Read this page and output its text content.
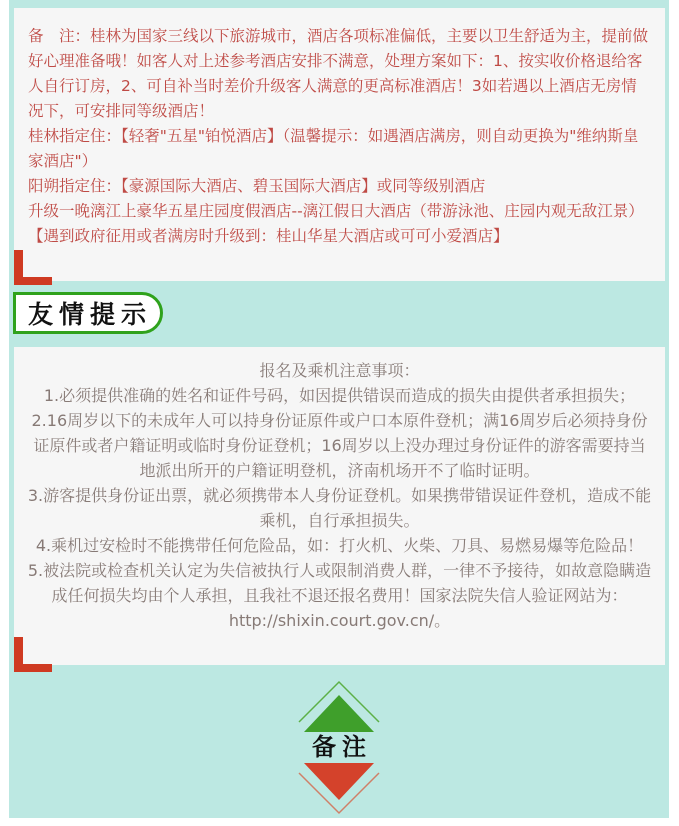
备　注：桂林为国家三线以下旅游城市，酒店各项标准偏低，主要以卫生舒适为主，提前做好心理准备哦！如客人对上述参考酒店安排不满意，处理方案如下：1、按实收价格退给客人自行订房，2、可自补当时差价升级客人满意的更高标准酒店！3如若遇以上酒店无房情况下，可安排同等级酒店！

桂林指定住：【轻奢"五星"铂悦酒店】（温馨提示：如遇酒店满房，则自动更换为"维纳斯皇家酒店"）

阳朔指定住：【豪源国际大酒店、碧玉国际大酒店】或同等级别酒店

升级一晚漓江上豪华五星庄园度假酒店--漓江假日大酒店（带游泳池、庄园内观无敌江景）

【遇到政府征用或者满房时升级到：桂山华星大酒店或可可小爱酒店】

友情提示

报名及乘机注意事项：

1.必须提供准确的姓名和证件号码，如因提供错误而造成的损失由提供者承担损失；

2.16周岁以下的未成年人可以持身份证原件或户口本原件登机；满16周岁后必须持身份证原件或者户籍证明或临时身份证登机；16周岁以上没办理过身份证件的游客需要持当地派出所开的户籍证明登机，济南机场开不了临时证明。

3.游客提供身份证出票，就必须携带本人身份证登机。如果携带错误证件登机，造成不能乘机，自行承担损失。

4.乘机过安检时不能携带任何危险品，如：打火机、火柴、刀具、易燃易爆等危险品！

5.被法院或检查机关认定为失信被执行人或限制消费人群，一律不予接待，如故意隐瞒造成任何损失均由个人承担，且我社不退还报名费用！国家法院失信人验证网站为：

http://shixin.court.gov.cn/。

备注
